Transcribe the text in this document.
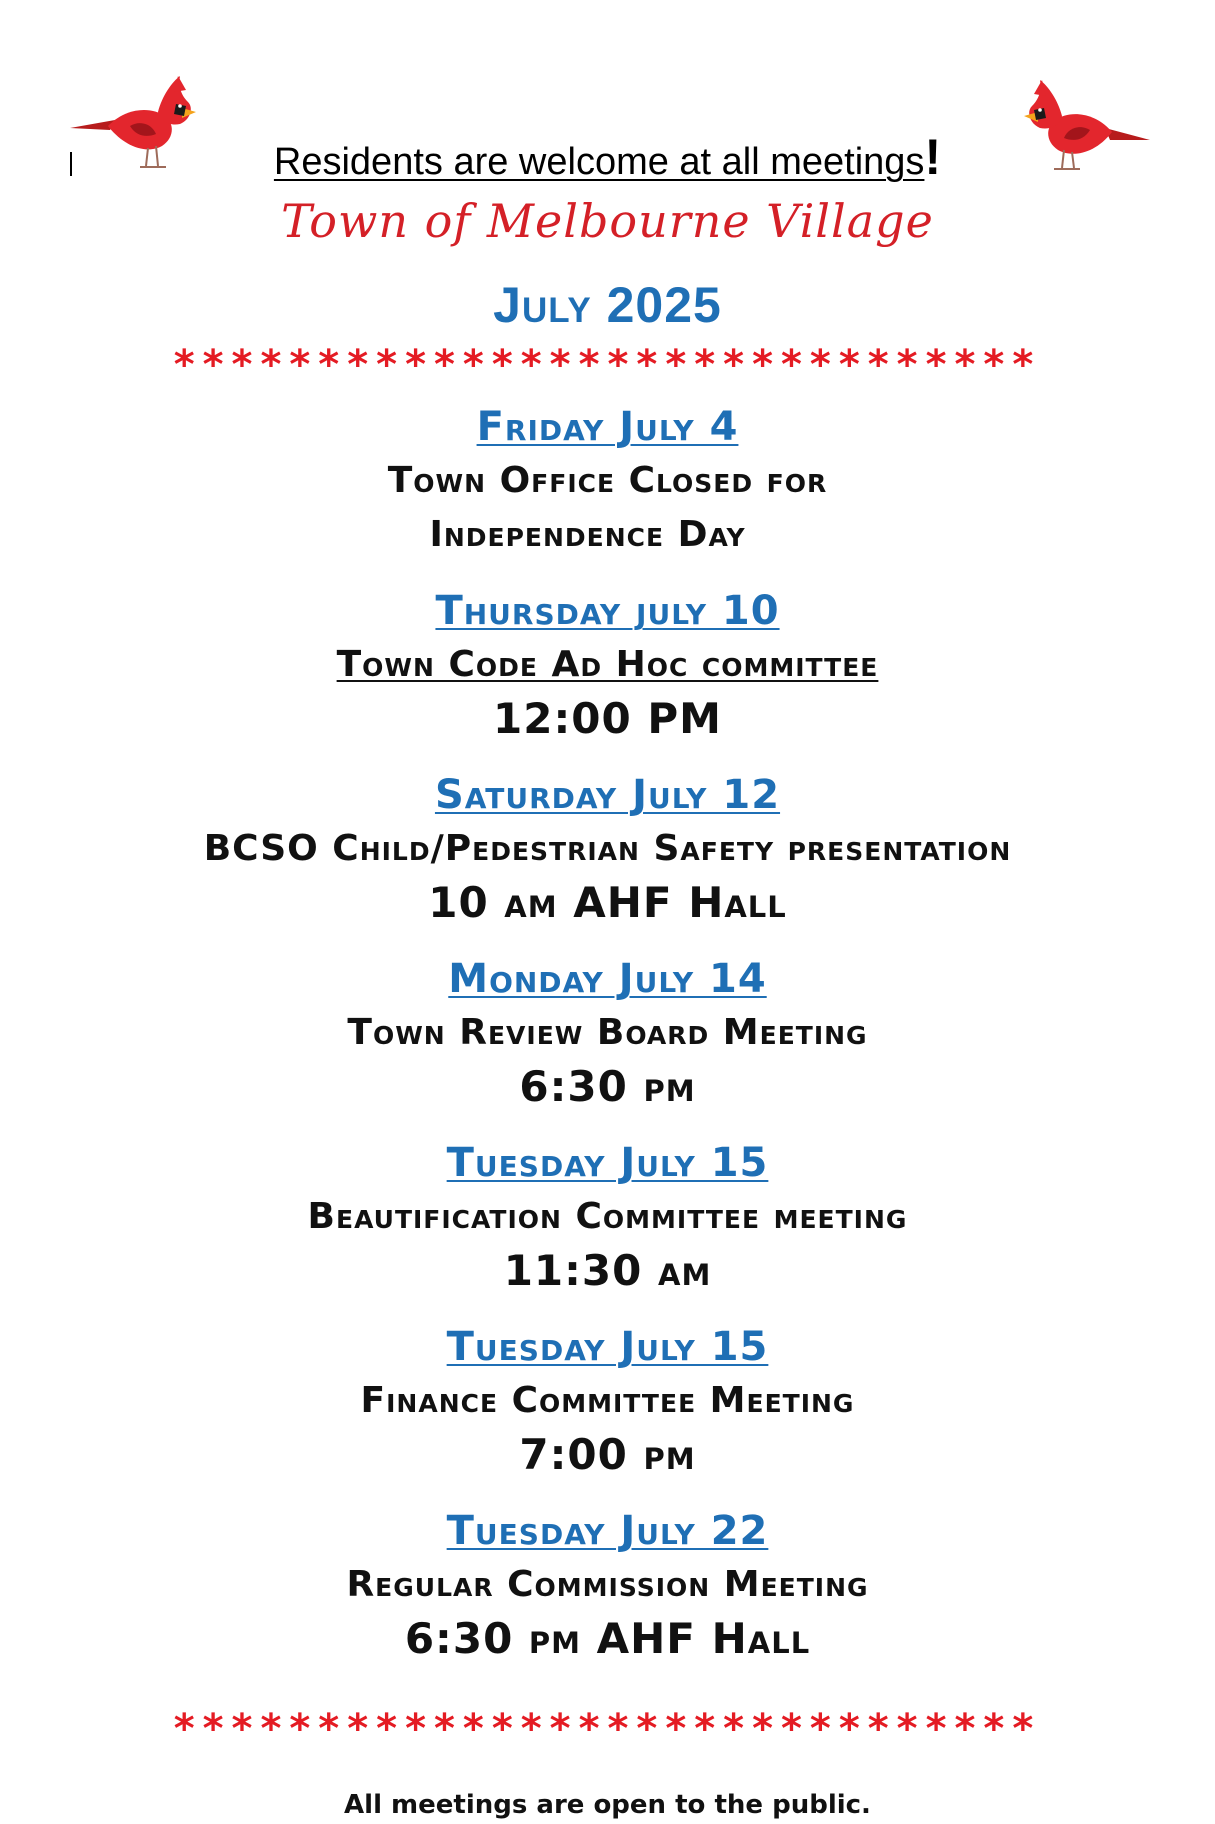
Residents are welcome at all meetings!
Town of Melbourne Village
July 2025
******************************
Friday July 4
Town Office Closed for
Independence Day
Thursday july 10
Town Code Ad Hoc committee
12:00 PM
Saturday July 12
BCSO Child/Pedestrian Safety presentation
10 am AHF Hall
Monday July 14
Town Review Board Meeting
6:30 pm
Tuesday July 15
Beautification Committee meeting
11:30 am
Tuesday July 15
Finance Committee Meeting
7:00 pm
Tuesday July 22
Regular Commission Meeting
6:30 pm AHF Hall
******************************
All meetings are open to the public.
